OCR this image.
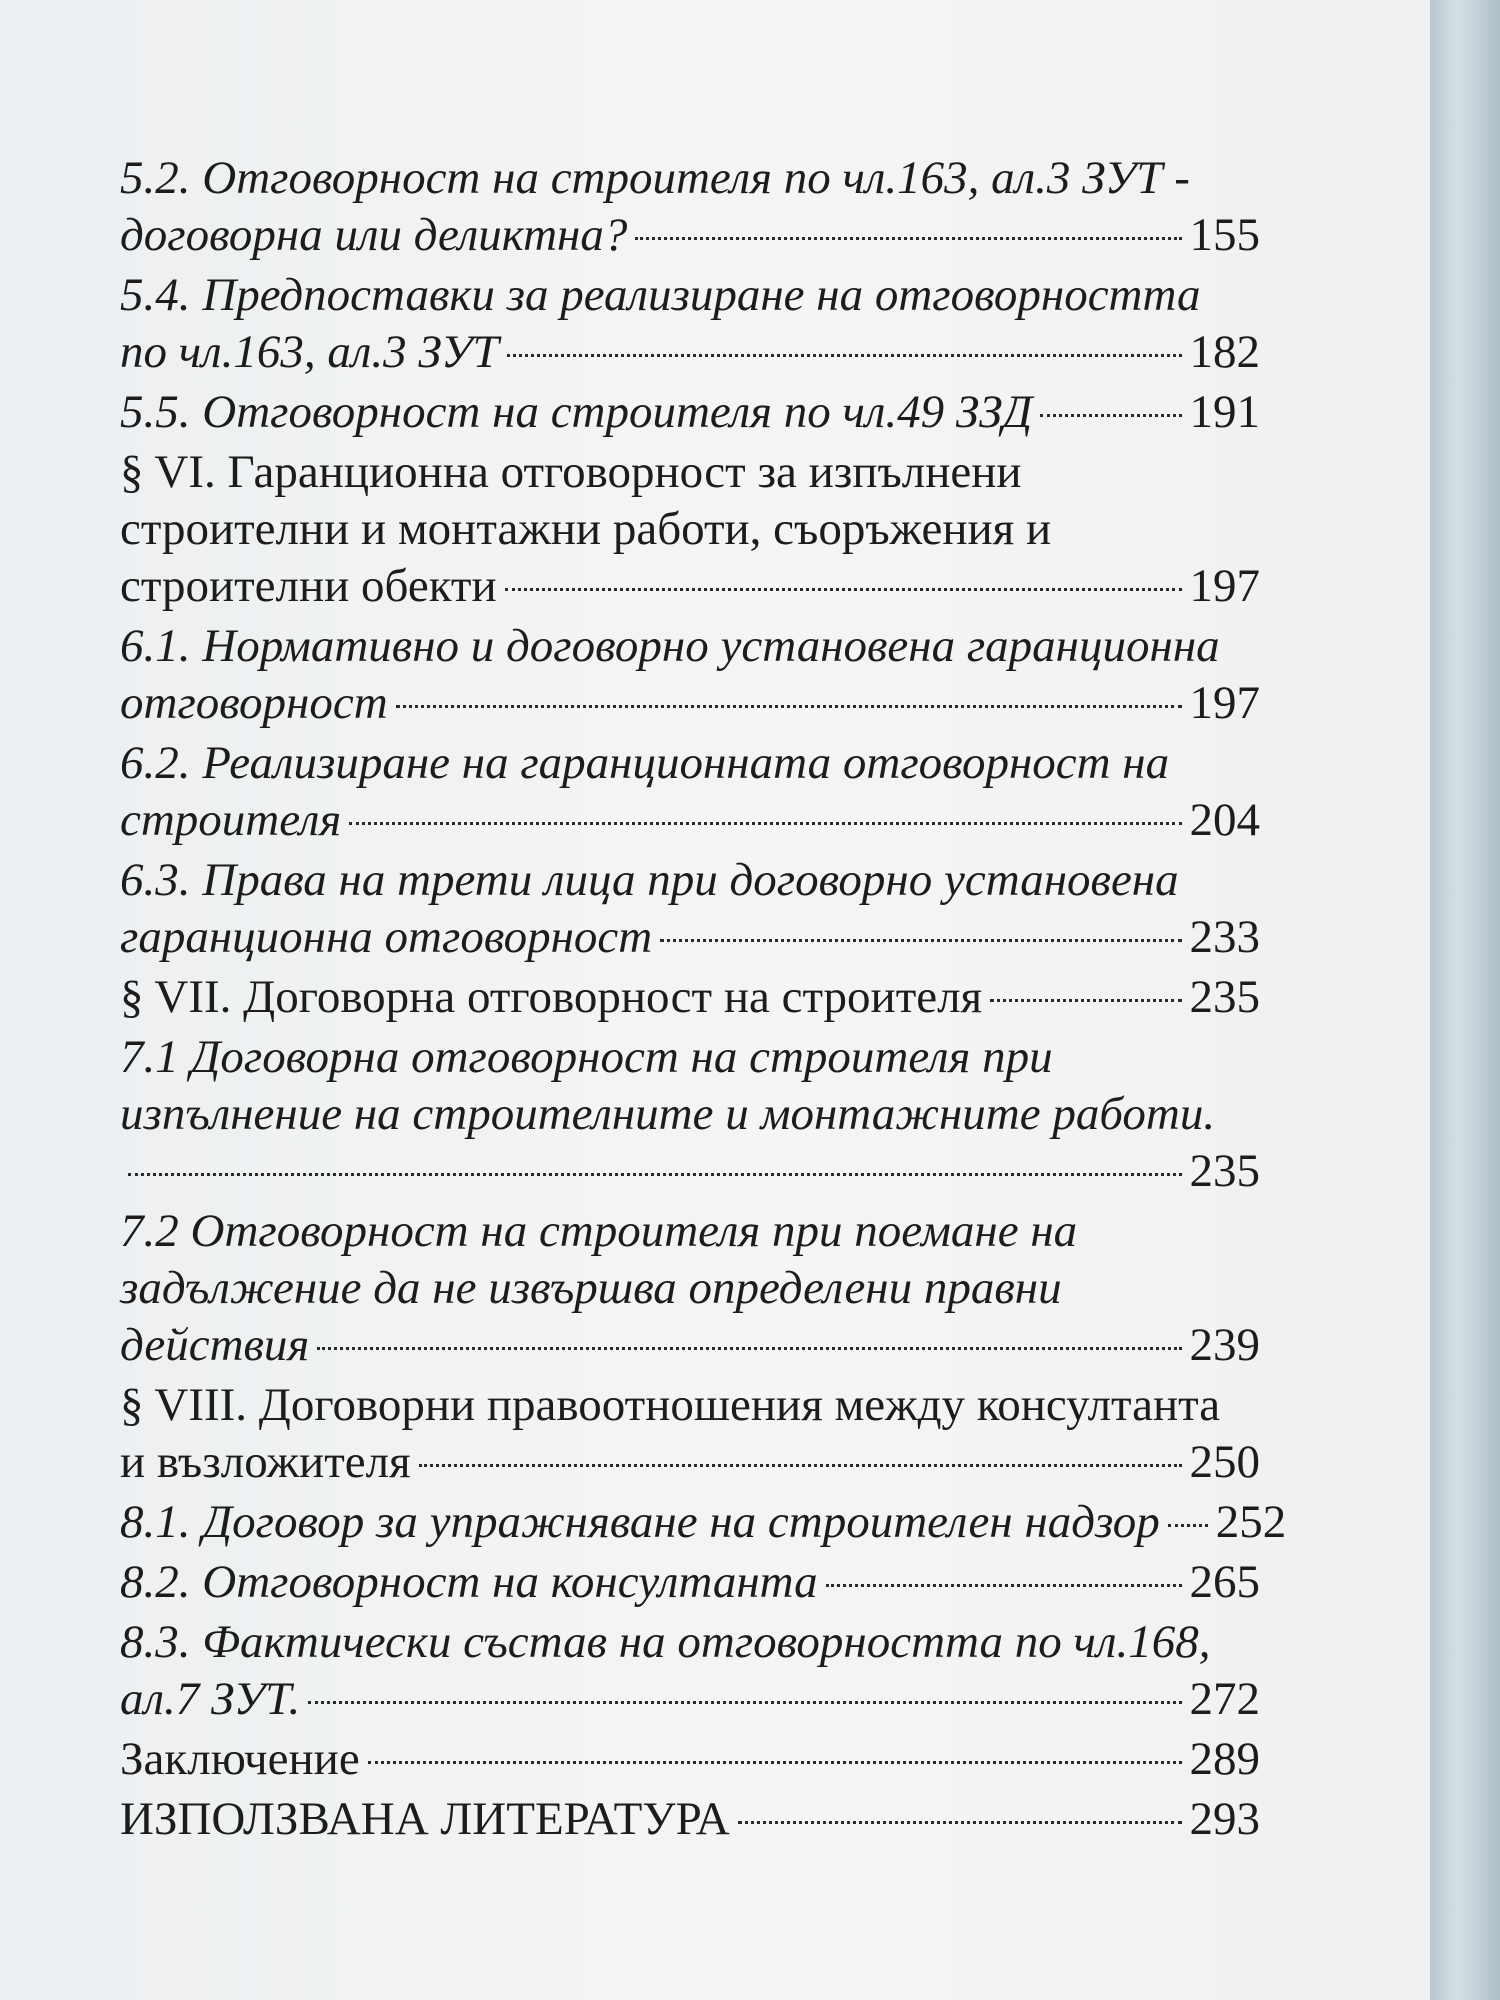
5.2. Отговорност на строителя по чл.163, ал.3 ЗУТ -
договорна или деликтна?	155
5.4. Предпоставки за реализиране на отговорността
по чл.163, ал.3 ЗУТ	182
5.5. Отговорност на строителя по чл.49 ЗЗД	191
§ VI. Гаранционна отговорност за изпълнени
строителни и монтажни работи, съоръжения и
строителни обекти	197
6.1. Нормативно и договорно установена гаранционна
отговорност	197
6.2. Реализиране на гаранционната отговорност на
строителя	204
6.3. Права на трети лица при договорно установена
гаранционна отговорност	233
§ VII. Договорна отговорност на строителя	235
7.1 Договорна отговорност на строителя при
изпълнение на строителните и монтажните работи.
235
7.2 Отговорност на строителя при поемане на
задължение да не извършва определени правни
действия	239
§ VIII. Договорни правоотношения между консултанта
и възложителя	250
8.1. Договор за упражняване на строителен надзор 252
8.2. Отговорност на консултанта	265
8.3. Фактически състав на отговорността по чл.168,
ал.7 ЗУТ.	272
Заключение	289
ИЗПОЛЗВАНА ЛИТЕРАТУРА	293
